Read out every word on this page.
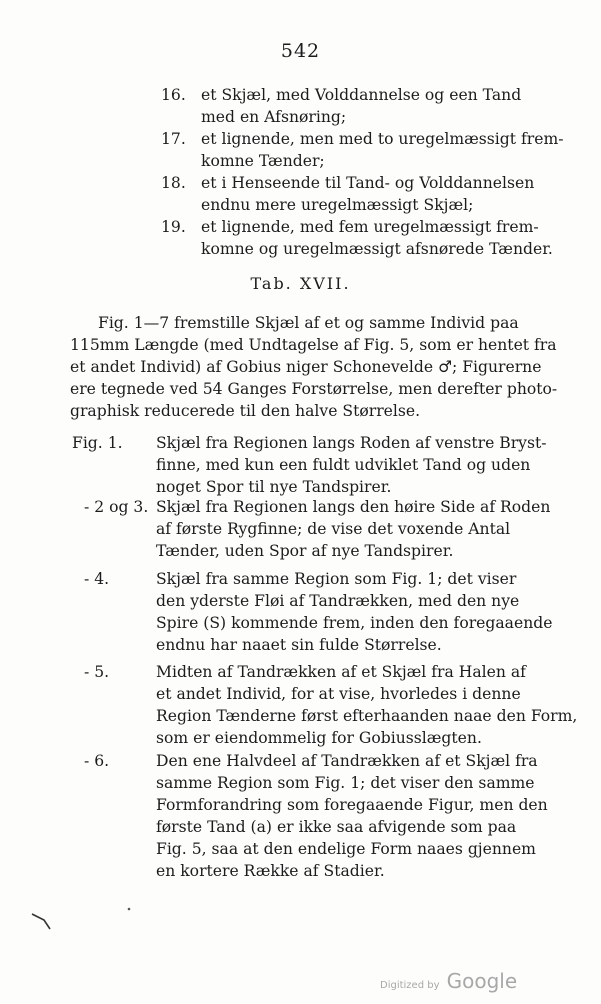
542
16. et Skjæl, med Volddannelse og een Tand
med en Afsnøring;
17. et lignende, men med to uregelmæssigt frem-
komne Tænder;
18. et i Henseende til Tand- og Volddannelsen
endnu mere uregelmæssigt Skjæl;
19. et lignende, med fem uregelmæssigt frem-
komne og uregelmæssigt afsnørede Tænder.
Tab. XVII.
Fig. 1—7 fremstille Skjæl af et og samme Individ paa
115mm Længde (med Undtagelse af Fig. 5, som er hentet fra
et andet Individ) af Gobius niger Schonevelde ♂; Figurerne
ere tegnede ved 54 Ganges Forstørrelse, men derefter photo-
graphisk reducerede til den halve Størrelse.
Fig. 1. Skjæl fra Regionen langs Roden af venstre Bryst-
finne, med kun een fuldt udviklet Tand og uden
noget Spor til nye Tandspirer.
- 2 og 3. Skjæl fra Regionen langs den høire Side af Roden
af første Rygfinne; de vise det voxende Antal
Tænder, uden Spor af nye Tandspirer.
- 4.	Skjæl fra samme Region som Fig. 1; det viser
den yderste Fløi af Tandrækken, med den nye
Spire (S) kommende frem, inden den foregaaende
endnu har naaet sin fulde Størrelse.
- 5.	Midten af Tandrækken af et Skjæl fra Halen af
et andet Individ, for at vise, hvorledes i denne
Region Tænderne først efterhaanden naae den Form,
som er eiendommelig for Gobiusslægten.
- 6.	Den ene Halvdeel af Tandrækken af et Skjæl fra
samme Region som Fig. 1; det viser den samme
Formforandring som foregaaende Figur, men den
første Tand (a) er ikke saa afvigende som paa
Fig. 5, saa at den endelige Form naaes gjennem
en kortere Række af Stadier.
Digitized by Google
